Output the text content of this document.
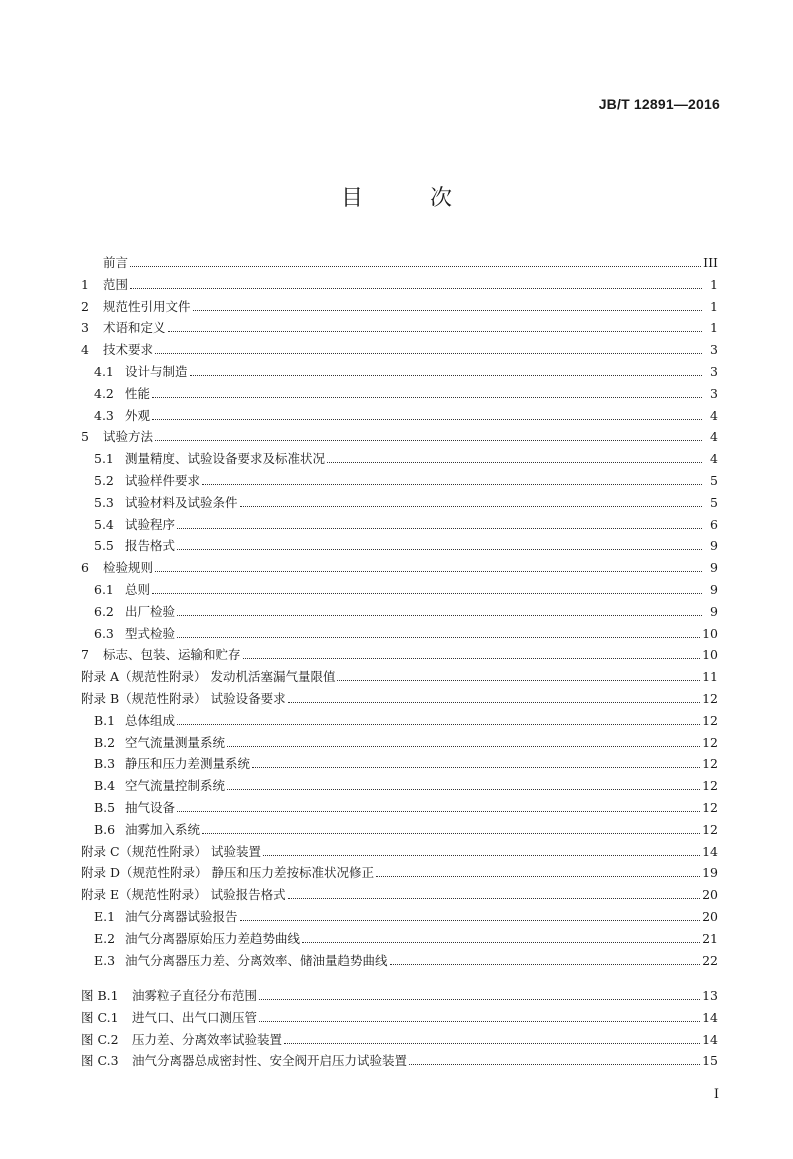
JB/T 12891—2016
目 次
前言	III
1	范围	1
2	规范性引用文件	1
3	术语和定义	1
4	技术要求	3
4.1 设计与制造	3
4.2 性能	3
4.3 外观	4
5	试验方法	4
5.1 测量精度、试验设备要求及标准状况	4
5.2 试验样件要求	5
5.3 试验材料及试验条件	5
5.4 试验程序	6
5.5 报告格式	9
6	检验规则	9
6.1 总则	9
6.2 出厂检验	9
6.3 型式检验	10
7	标志、包装、运输和贮存	10
附录 A（规范性附录） 发动机活塞漏气量限值	11
附录 B（规范性附录） 试验设备要求	12
B.1 总体组成	12
B.2 空气流量测量系统	12
B.3 静压和压力差测量系统	12
B.4 空气流量控制系统	12
B.5 抽气设备	12
B.6 油雾加入系统	12
附录 C（规范性附录） 试验装置	14
附录 D（规范性附录） 静压和压力差按标准状况修正	19
附录 E（规范性附录） 试验报告格式	20
E.1 油气分离器试验报告	20
E.2 油气分离器原始压力差趋势曲线	21
E.3 油气分离器压力差、分离效率、储油量趋势曲线	22
图 B.1	油雾粒子直径分布范围	13
图 C.1	进气口、出气口测压管	14
图 C.2	压力差、分离效率试验装置	14
图 C.3	油气分离器总成密封性、安全阀开启压力试验装置	15
I
